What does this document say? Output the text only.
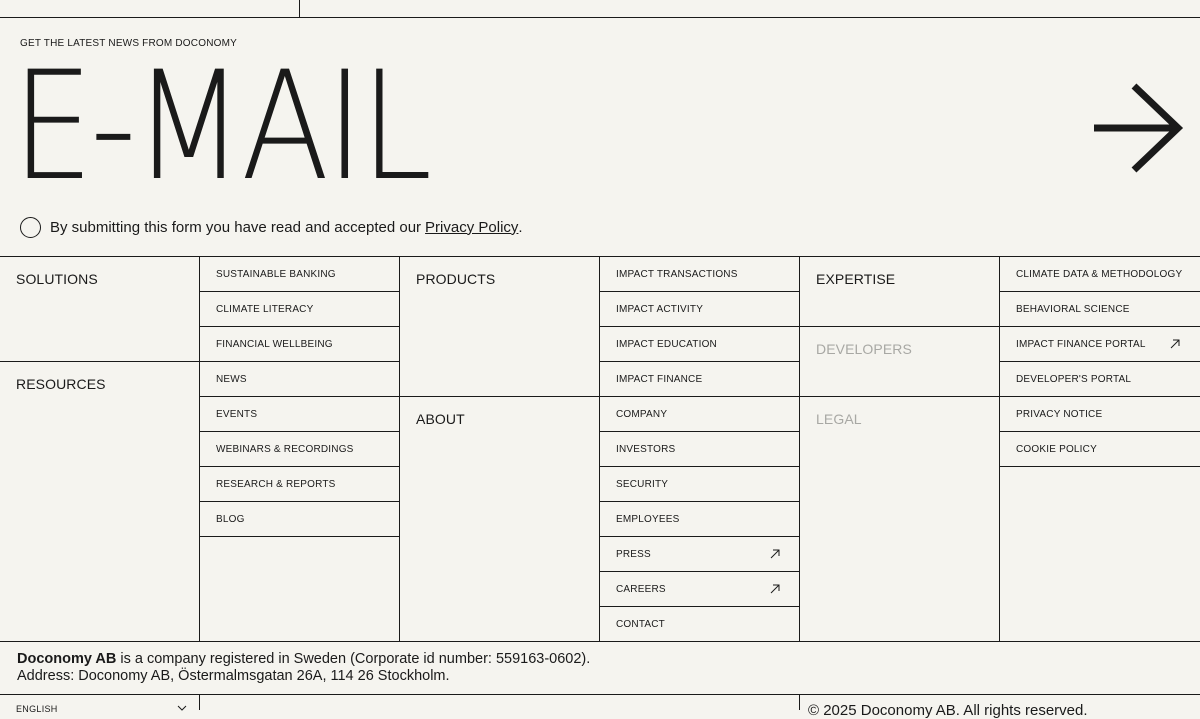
GET THE LATEST NEWS FROM DOCONOMY
E-MAIL_
By submitting this form you have read and accepted our Privacy Policy .
SOLUTIONS
RESOURCES
SUSTAINABLE BANKING
CLIMATE LITERACY
FINANCIAL WELLBEING
NEWS
EVENTS
WEBINARS & RECORDINGS
RESEARCH & REPORTS
BLOG
PRODUCTS
ABOUT
IMPACT TRANSACTIONS
IMPACT ACTIVITY
IMPACT EDUCATION
IMPACT FINANCE
COMPANY
INVESTORS
SECURITY
EMPLOYEES
PRESS
CAREERS
CONTACT
EXPERTISE
DEVELOPERS
LEGAL
CLIMATE DATA & METHODOLOGY
BEHAVIORAL SCIENCE
IMPACT FINANCE PORTAL
DEVELOPER'S PORTAL
PRIVACY NOTICE
COOKIE POLICY
Doconomy AB is a company registered in Sweden (Corporate id number: 559163-0602).
Address: Doconomy AB, Östermalmsgatan 26A, 114 26 Stockholm.
ENGLISH	© 2025 Doconomy AB. All rights reserved.
